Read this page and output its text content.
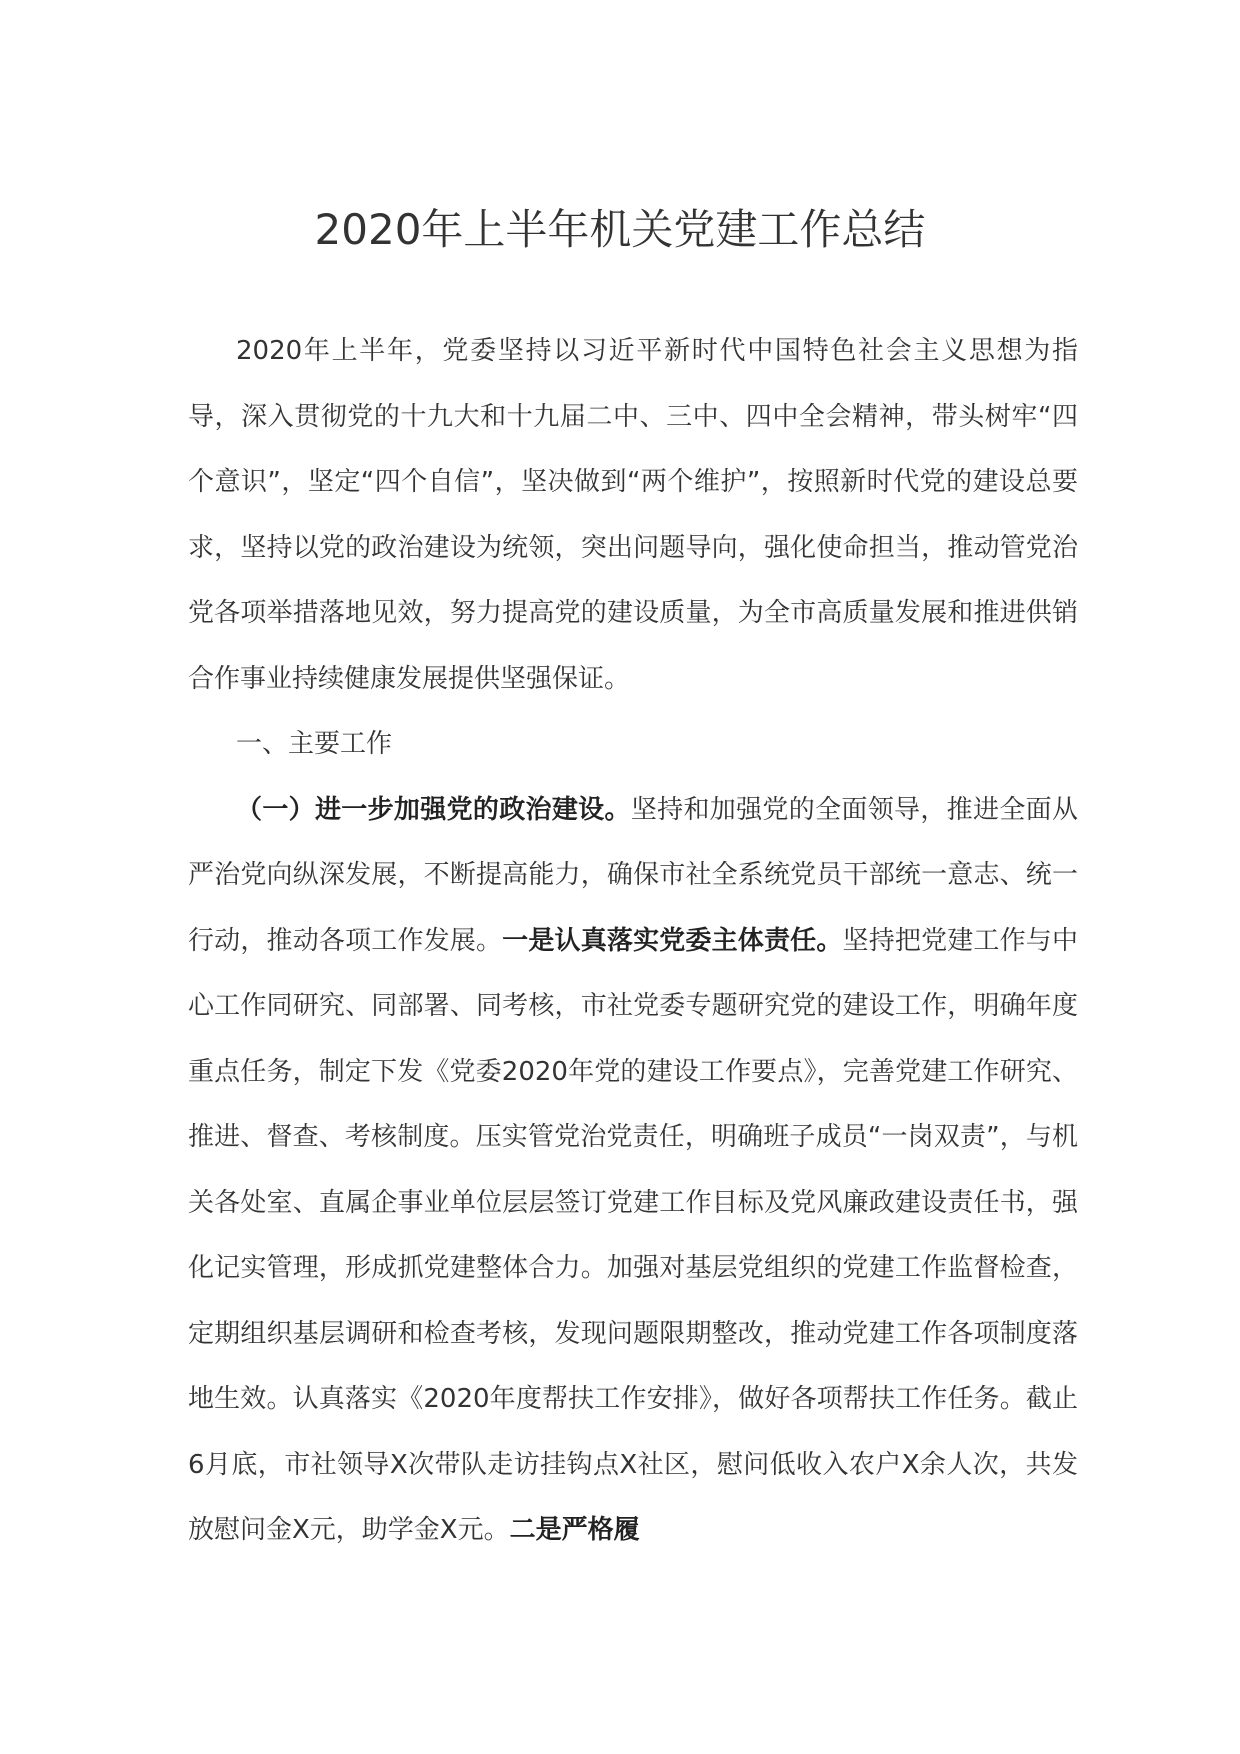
2020年上半年机关党建工作总结

2020年上半年，党委坚持以习近平新时代中国特色社会主义思想为指导，深入贯彻党的十九大和十九届二中、三中、四中全会精神，带头树牢“四个意识”，坚定“四个自信”，坚决做到“两个维护”，按照新时代党的建设总要求，坚持以党的政治建设为统领，突出问题导向，强化使命担当，推动管党治党各项举措落地见效，努力提高党的建设质量，为全市高质量发展和推进供销合作事业持续健康发展提供坚强保证。

一、主要工作

（一）进一步加强党的政治建设。坚持和加强党的全面领导，推进全面从严治党向纵深发展，不断提高能力，确保市社全系统党员干部统一意志、统一行动，推动各项工作发展。一是认真落实党委主体责任。坚持把党建工作与中心工作同研究、同部署、同考核，市社党委专题研究党的建设工作，明确年度重点任务，制定下发《党委2020年党的建设工作要点》，完善党建工作研究、推进、督查、考核制度。压实管党治党责任，明确班子成员“一岗双责”，与机关各处室、直属企事业单位层层签订党建工作目标及党风廉政建设责任书，强化记实管理，形成抓党建整体合力。加强对基层党组织的党建工作监督检查，定期组织基层调研和检查考核，发现问题限期整改，推动党建工作各项制度落地生效。认真落实《2020年度帮扶工作安排》，做好各项帮扶工作任务。截止6月底，市社领导X次带队走访挂钩点X社区，慰问低收入农户X余人次，共发放慰问金X元，助学金X元。二是严格履
